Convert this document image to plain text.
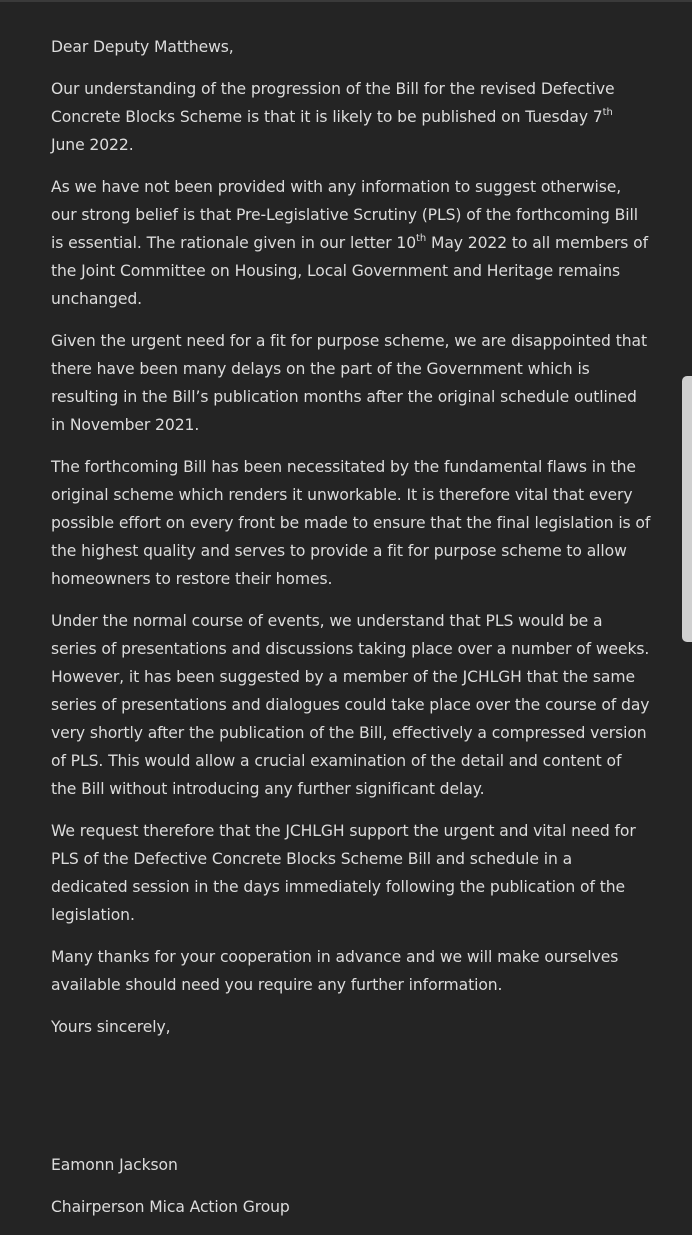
Dear Deputy Matthews,

Our understanding of the progression of the Bill for the revised Defective Concrete Blocks Scheme is that it is likely to be published on Tuesday 7th June 2022.

As we have not been provided with any information to suggest otherwise, our strong belief is that Pre-Legislative Scrutiny (PLS) of the forthcoming Bill is essential. The rationale given in our letter 10th May 2022 to all members of the Joint Committee on Housing, Local Government and Heritage remains unchanged.

Given the urgent need for a fit for purpose scheme, we are disappointed that there have been many delays on the part of the Government which is resulting in the Bill’s publication months after the original schedule outlined in November 2021.

The forthcoming Bill has been necessitated by the fundamental flaws in the original scheme which renders it unworkable. It is therefore vital that every possible effort on every front be made to ensure that the final legislation is of the highest quality and serves to provide a fit for purpose scheme to allow homeowners to restore their homes.

Under the normal course of events, we understand that PLS would be a series of presentations and discussions taking place over a number of weeks. However, it has been suggested by a member of the JCHLGH that the same series of presentations and dialogues could take place over the course of day very shortly after the publication of the Bill, effectively a compressed version of PLS. This would allow a crucial examination of the detail and content of the Bill without introducing any further significant delay.

We request therefore that the JCHLGH support the urgent and vital need for PLS of the Defective Concrete Blocks Scheme Bill and schedule in a dedicated session in the days immediately following the publication of the legislation.

Many thanks for your cooperation in advance and we will make ourselves available should need you require any further information.

Yours sincerely,

Eamonn Jackson

Chairperson Mica Action Group
